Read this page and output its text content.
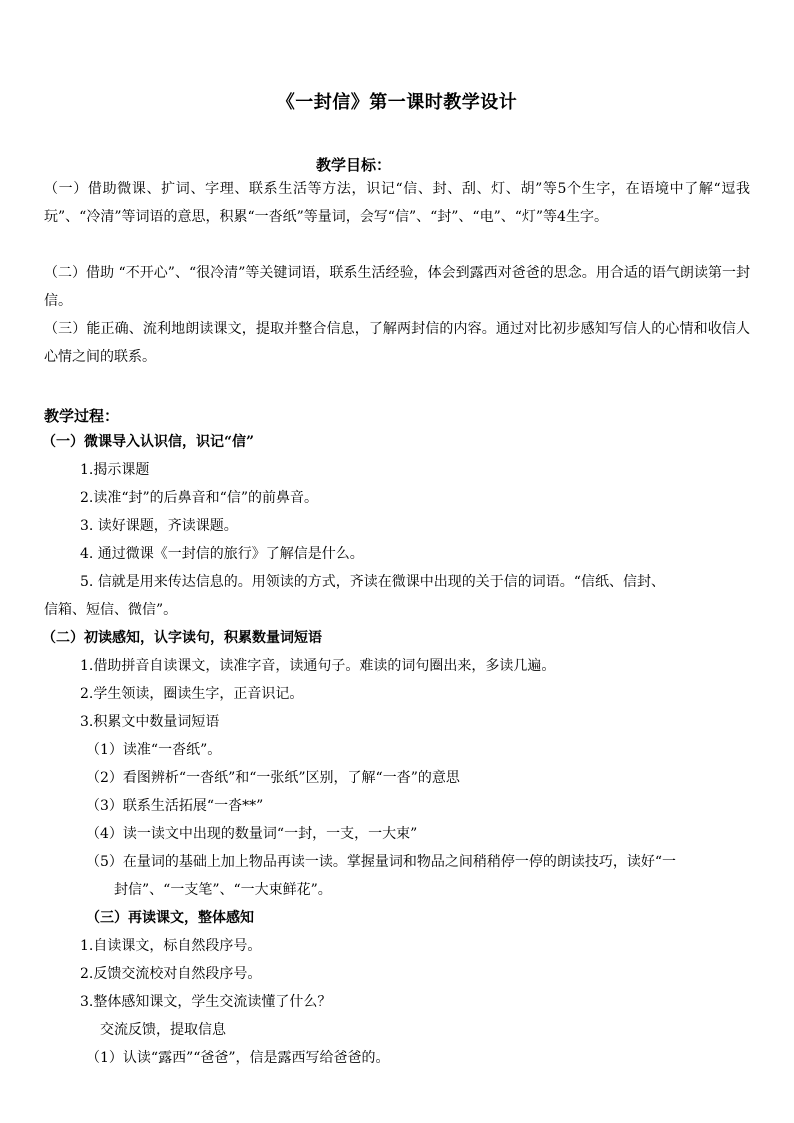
《一封信》第一课时教学设计
教学目标：
（一）借助微课、扩词、字理、联系生活等方法，识记“信、封、刮、灯、胡”等5个生字，在语境中了解“逗我玩”、“冷清”等词语的意思，积累“一沓纸”等量词，会写“信”、“封”、“电”、“灯”等4生字。
（二）借助 “不开心”、“很冷清”等关键词语，联系生活经验，体会到露西对爸爸的思念。用合适的语气朗读第一封信。
（三）能正确、流利地朗读课文，提取并整合信息，了解两封信的内容。通过对比初步感知写信人的心情和收信人心情之间的联系。
教学过程：
（一）微课导入认识信，识记“信”
1.揭示课题
2.读准“封”的后鼻音和“信”的前鼻音。
3. 读好课题，齐读课题。
4. 通过微课《一封信的旅行》了解信是什么。
5. 信就是用来传达信息的。用领读的方式，齐读在微课中出现的关于信的词语。“信纸、信封、
信箱、短信、微信”。
（二）初读感知，认字读句，积累数量词短语
1.借助拼音自读课文，读准字音，读通句子。难读的词句圈出来，多读几遍。
2.学生领读，圈读生字，正音识记。
3.积累文中数量词短语
（1）读准“一沓纸”。
（2）看图辨析“一沓纸”和“一张纸”区别，了解“一沓”的意思
（3）联系生活拓展“一沓**”
（4）读一读文中出现的数量词“一封，一支，一大束”
（5）在量词的基础上加上物品再读一读。掌握量词和物品之间稍稍停一停的朗读技巧，读好“一
封信”、“一支笔”、“一大束鲜花”。
（三）再读课文，整体感知
1.自读课文，标自然段序号。
2.反馈交流校对自然段序号。
3.整体感知课文，学生交流读懂了什么？
交流反馈，提取信息
（1）认读“露西”“爸爸”，信是露西写给爸爸的。
